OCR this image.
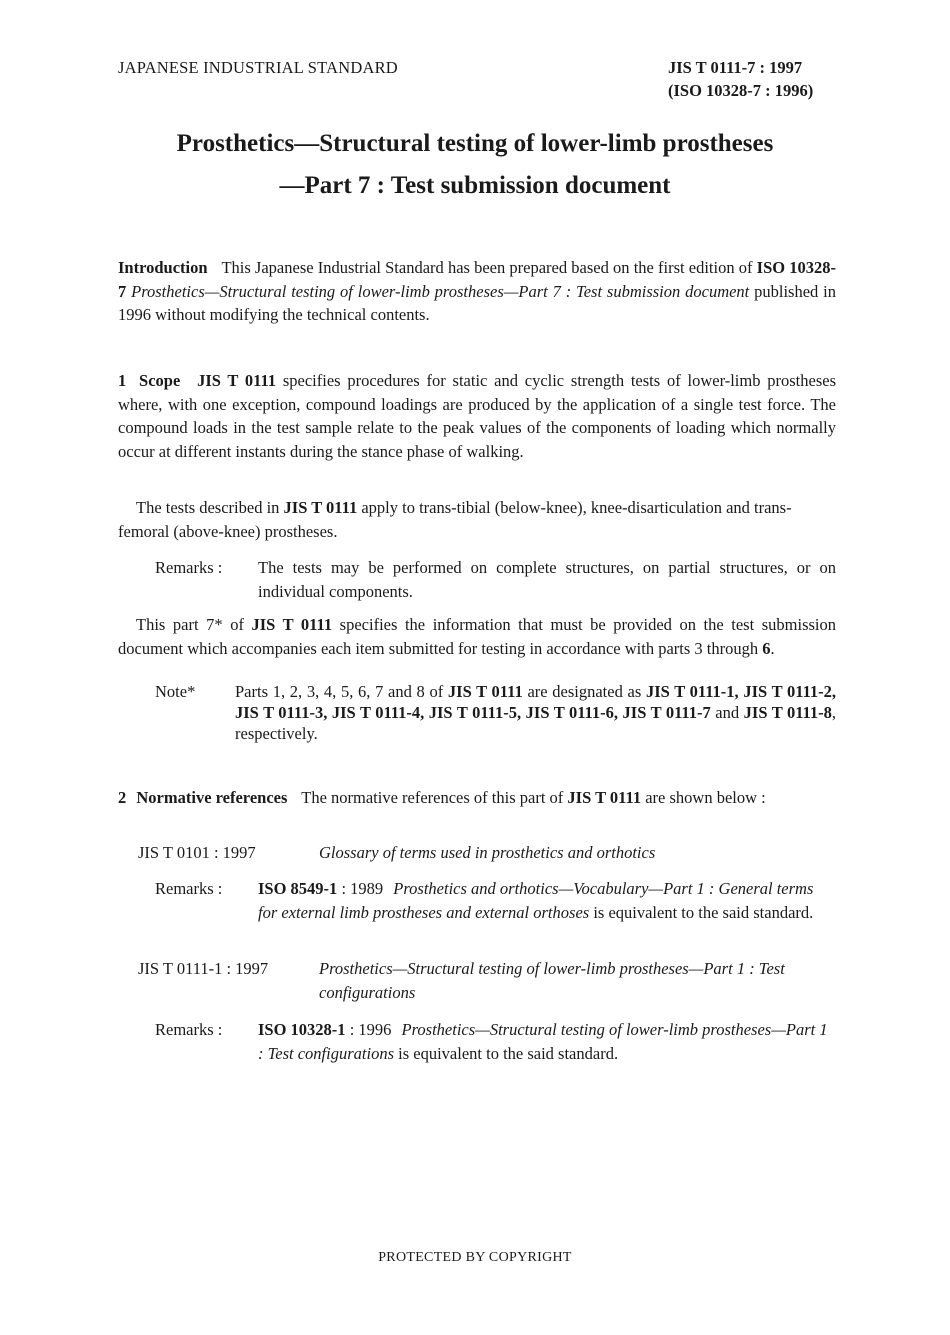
JAPANESE INDUSTRIAL STANDARD	JIS T 0111-7 : 1997
(ISO 10328-7 : 1996)
Prosthetics—Structural testing of lower-limb prostheses
—Part 7 : Test submission document
Introduction This Japanese Industrial Standard has been prepared based on the first edition of ISO 10328-7 Prosthetics—Structural testing of lower-limb prostheses—Part 7 : Test submission document published in 1996 without modifying the technical contents.
1 Scope JIS T 0111 specifies procedures for static and cyclic strength tests of lower-limb prostheses where, with one exception, compound loadings are produced by the application of a single test force. The compound loads in the test sample relate to the peak values of the components of loading which normally occur at different instants during the stance phase of walking.
The tests described in JIS T 0111 apply to trans-tibial (below-knee), knee-disarticulation and trans-femoral (above-knee) prostheses.
Remarks : The tests may be performed on complete structures, on partial structures, or on individual components.
This part 7* of JIS T 0111 specifies the information that must be provided on the test submission document which accompanies each item submitted for testing in accordance with parts 3 through 6.
Note* Parts 1, 2, 3, 4, 5, 6, 7 and 8 of JIS T 0111 are designated as JIS T 0111-1, JIS T 0111-2, JIS T 0111-3, JIS T 0111-4, JIS T 0111-5, JIS T 0111-6, JIS T 0111-7 and JIS T 0111-8, respectively.
2 Normative references The normative references of this part of JIS T 0111 are shown below :
JIS T 0101 : 1997	Glossary of terms used in prosthetics and orthotics
Remarks : ISO 8549-1 : 1989 Prosthetics and orthotics—Vocabulary—Part 1 : General terms for external limb prostheses and external orthoses is equivalent to the said standard.
JIS T 0111-1 : 1997	Prosthetics—Structural testing of lower-limb prostheses—Part 1 : Test configurations
Remarks : ISO 10328-1 : 1996 Prosthetics—Structural testing of lower-limb prostheses—Part 1 : Test configurations is equivalent to the said standard.
PROTECTED BY COPYRIGHT
